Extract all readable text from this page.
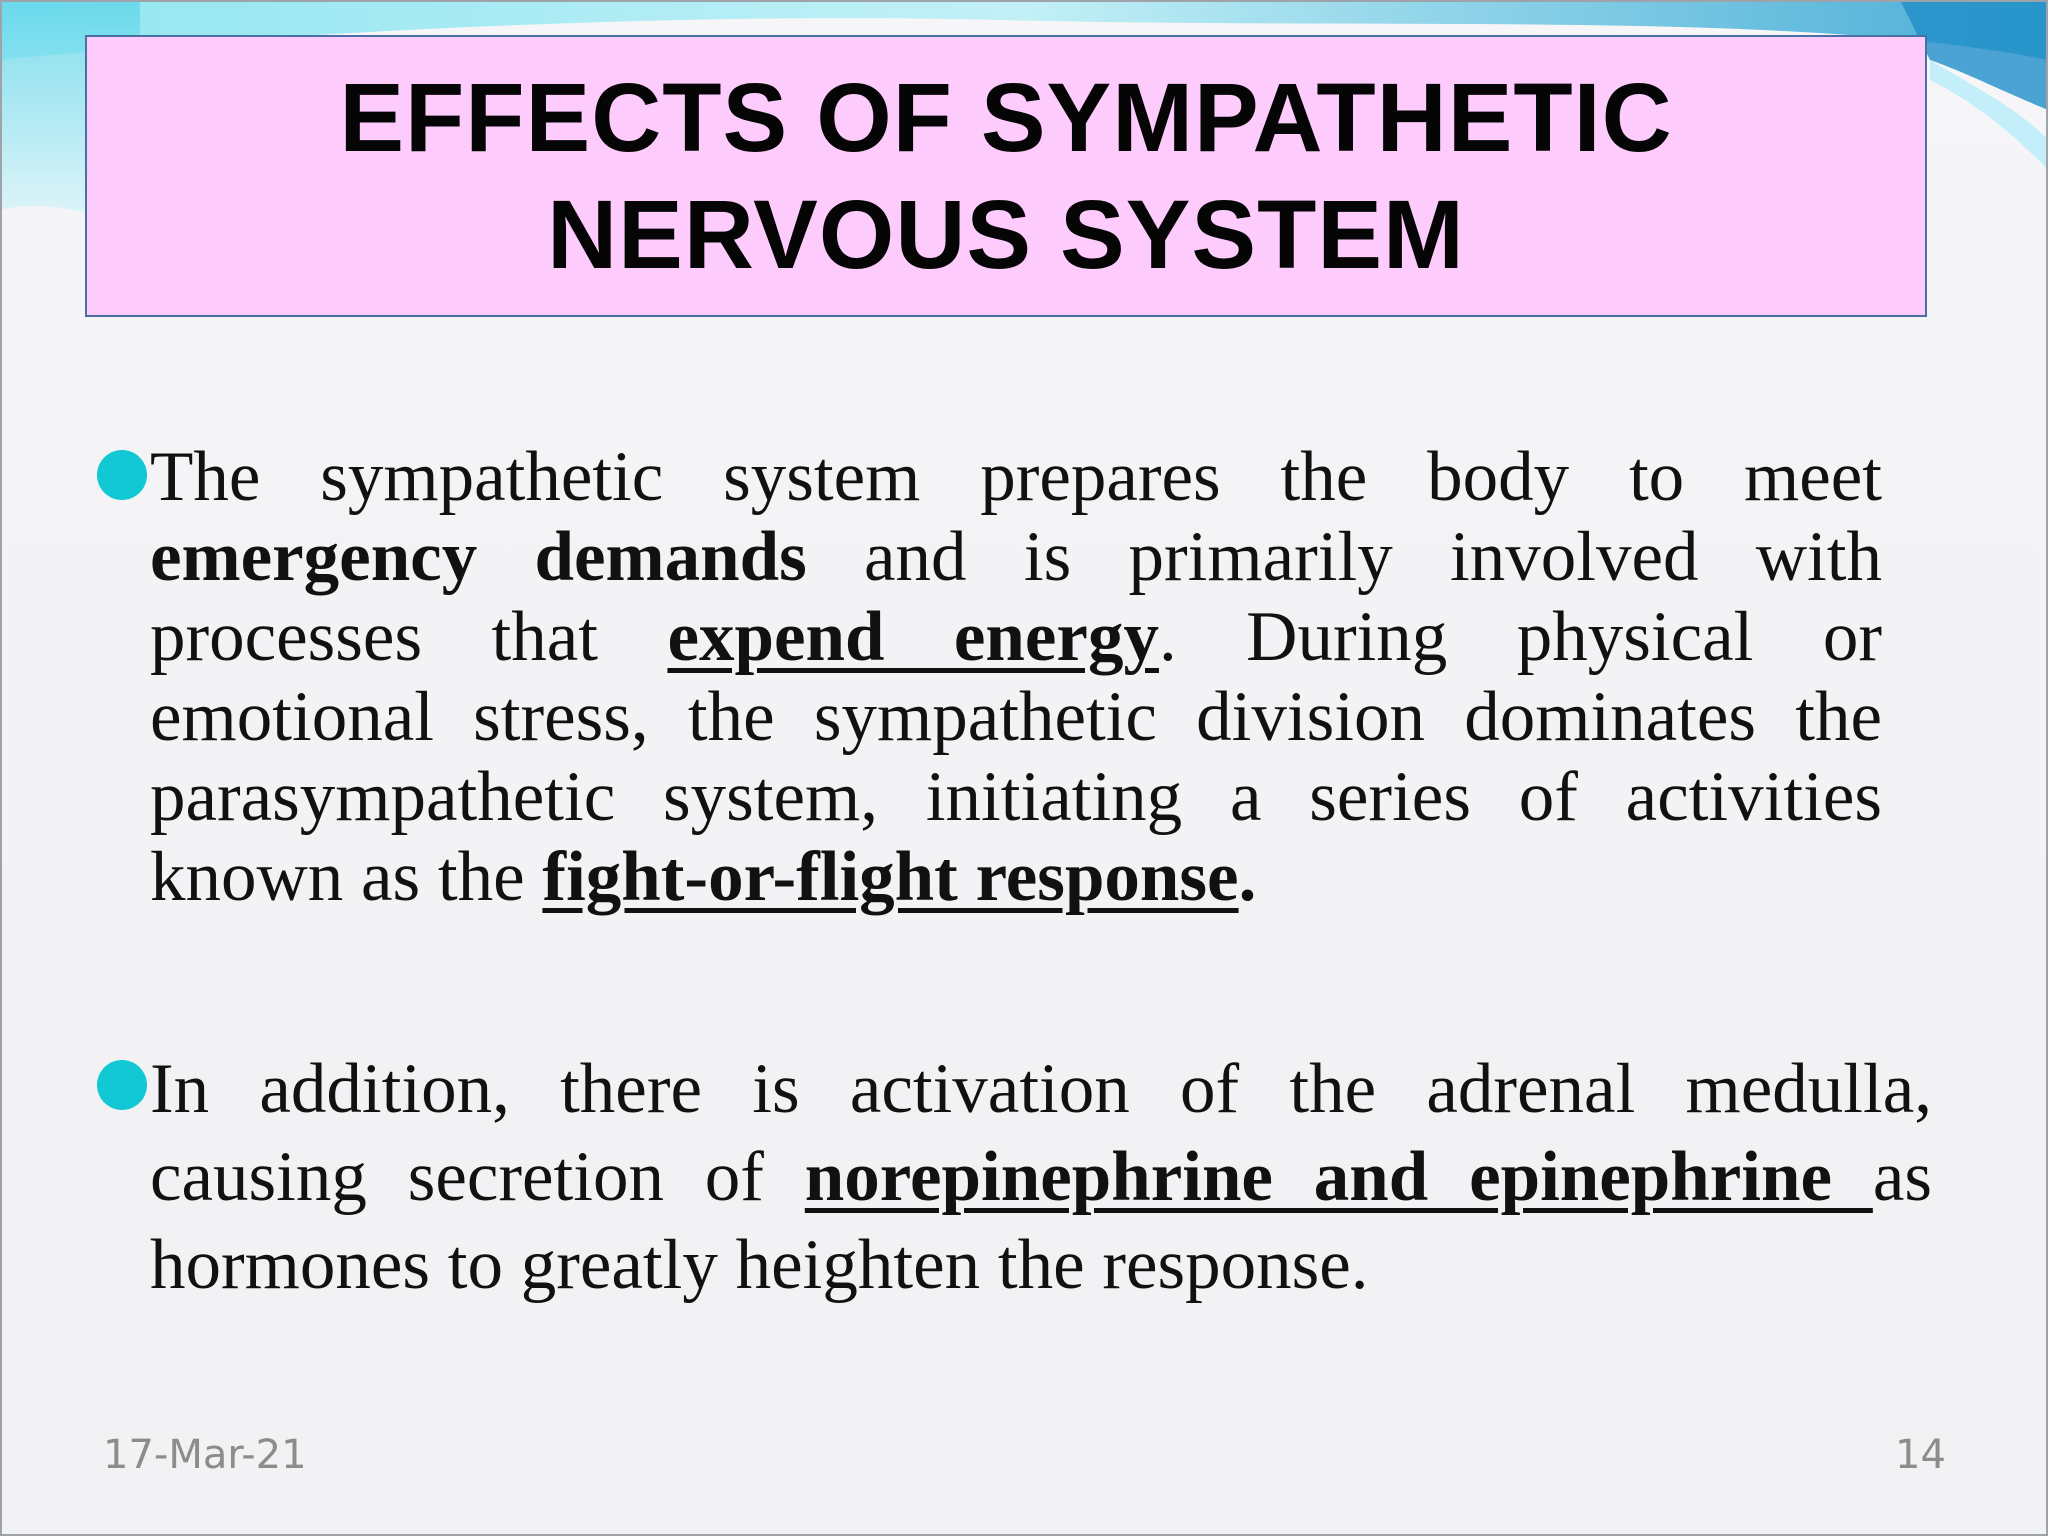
EFFECTS OF SYMPATHETIC
NERVOUS SYSTEM
The sympathetic system prepares the body to meet
emergency demands and is primarily involved with
processes that expend energy. During physical or
emotional stress, the sympathetic division dominates the
parasympathetic system, initiating a series of activities
known as the fight-or-flight response.
In addition, there is activation of the adrenal medulla,
causing secretion of norepinephrine and epinephrine as
hormones to greatly heighten the response.
17-Mar-21	14
